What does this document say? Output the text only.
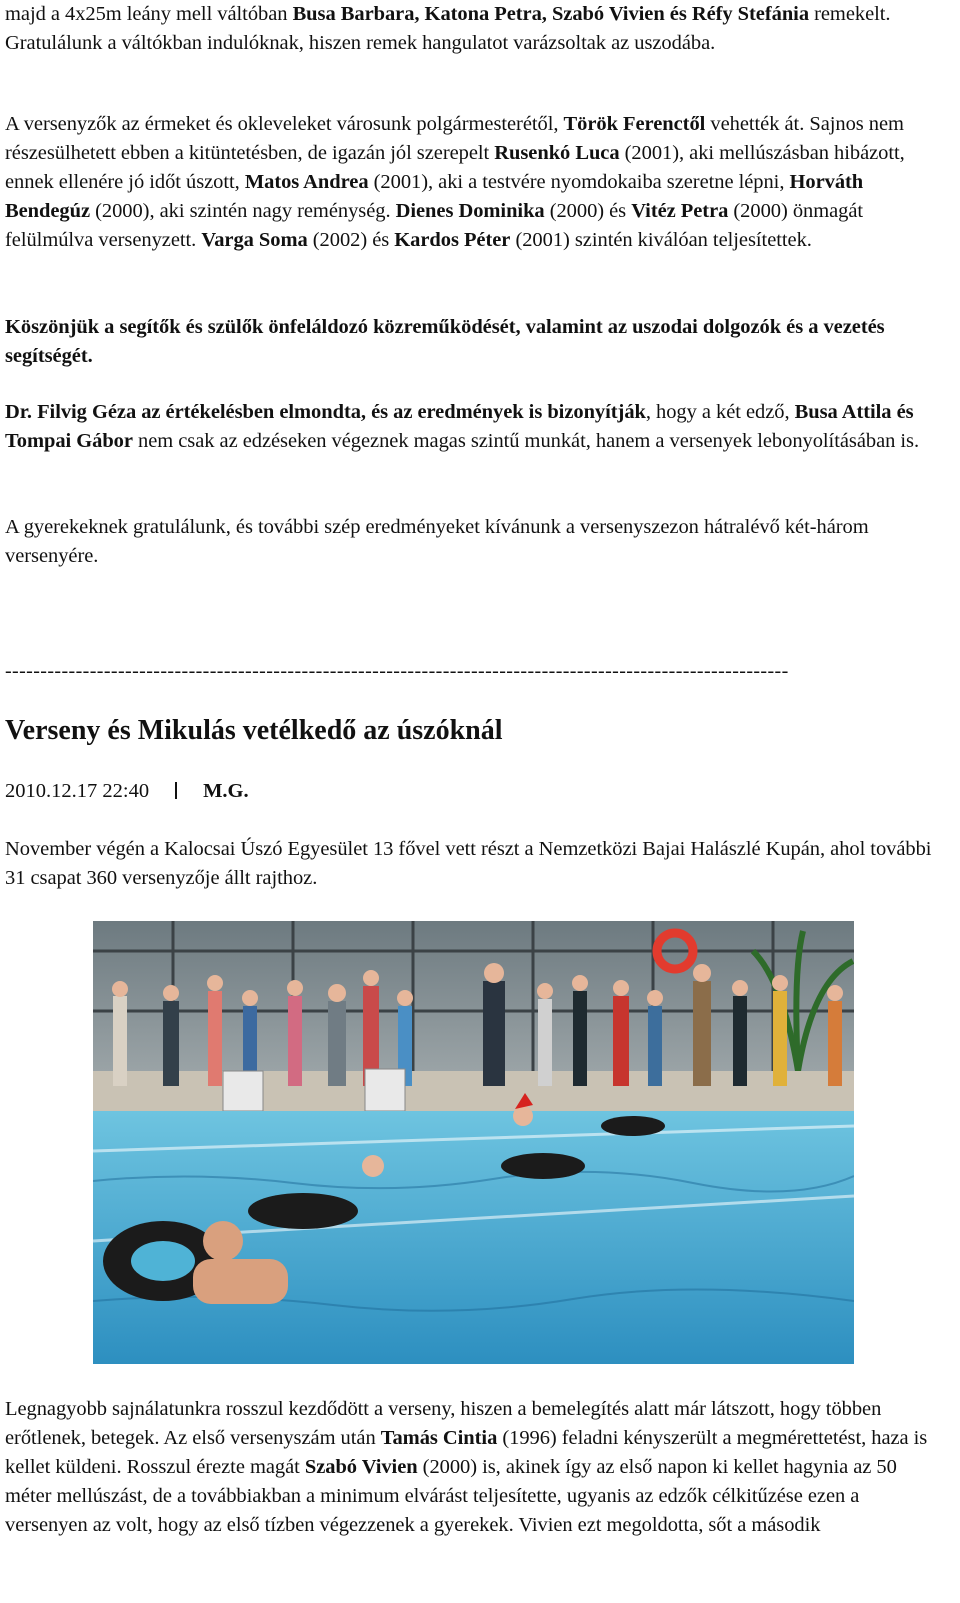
majd a 4x25m leány mell váltóban Busa Barbara, Katona Petra, Szabó Vivien és Réfy Stefánia remekelt. Gratulálunk a váltókban indulóknak, hiszen remek hangulatot varázsoltak az uszodába.

A versenyzők az érmeket és okleveleket városunk polgármesterétől, Török Ferenctől vehették át. Sajnos nem részesülhetett ebben a kitüntetésben, de igazán jól szerepelt Rusenkó Luca (2001), aki mellúszásban hibázott, ennek ellenére jó időt úszott, Matos Andrea (2001), aki a testvére nyomdokaiba szeretne lépni, Horváth Bendegúz (2000), aki szintén nagy reménység. Dienes Dominika (2000) és Vitéz Petra (2000) önmagát felülmúlva versenyzett. Varga Soma (2002) és Kardos Péter (2001) szintén kiválóan teljesítettek.

Köszönjük a segítők és szülők önfeláldozó közreműködését, valamint az uszodai dolgozók és a vezetés segítségét.

Dr. Filvig Géza az értékelésben elmondta, és az eredmények is bizonyítják, hogy a két edző, Busa Attila és Tompai Gábor nem csak az edzéseken végeznek magas szintű munkát, hanem a versenyek lebonyolításában is.

A gyerekeknek gratulálunk, és további szép eredményeket kívánunk a versenyszezon hátralévő két-három versenyére.

---------------------------------------------------------------------------------------------------------------
Verseny és Mikulás vetélkedő az úszóknál
2010.12.17 22:40	M.G.

November végén a Kalocsai Úszó Egyesület 13 fővel vett részt a Nemzetközi Bajai Halászlé Kupán, ahol további 31 csapat 360 versenyzője állt rajthoz.

Legnagyobb sajnálatunkra rosszul kezdődött a verseny, hiszen a bemelegítés alatt már látszott, hogy többen erőtlenek, betegek. Az első versenyszám után Tamás Cintia (1996) feladni kényszerült a megmérettetést, haza is kellet küldeni. Rosszul érezte magát Szabó Vivien (2000) is, akinek így az első napon ki kellet hagynia az 50 méter mellúszást, de a továbbiakban a minimum elvárást teljesítette, ugyanis az edzők célkitűzése ezen a versenyen az volt, hogy az első tízben végezzenek a gyerekek. Vivien ezt megoldotta, sőt a második
